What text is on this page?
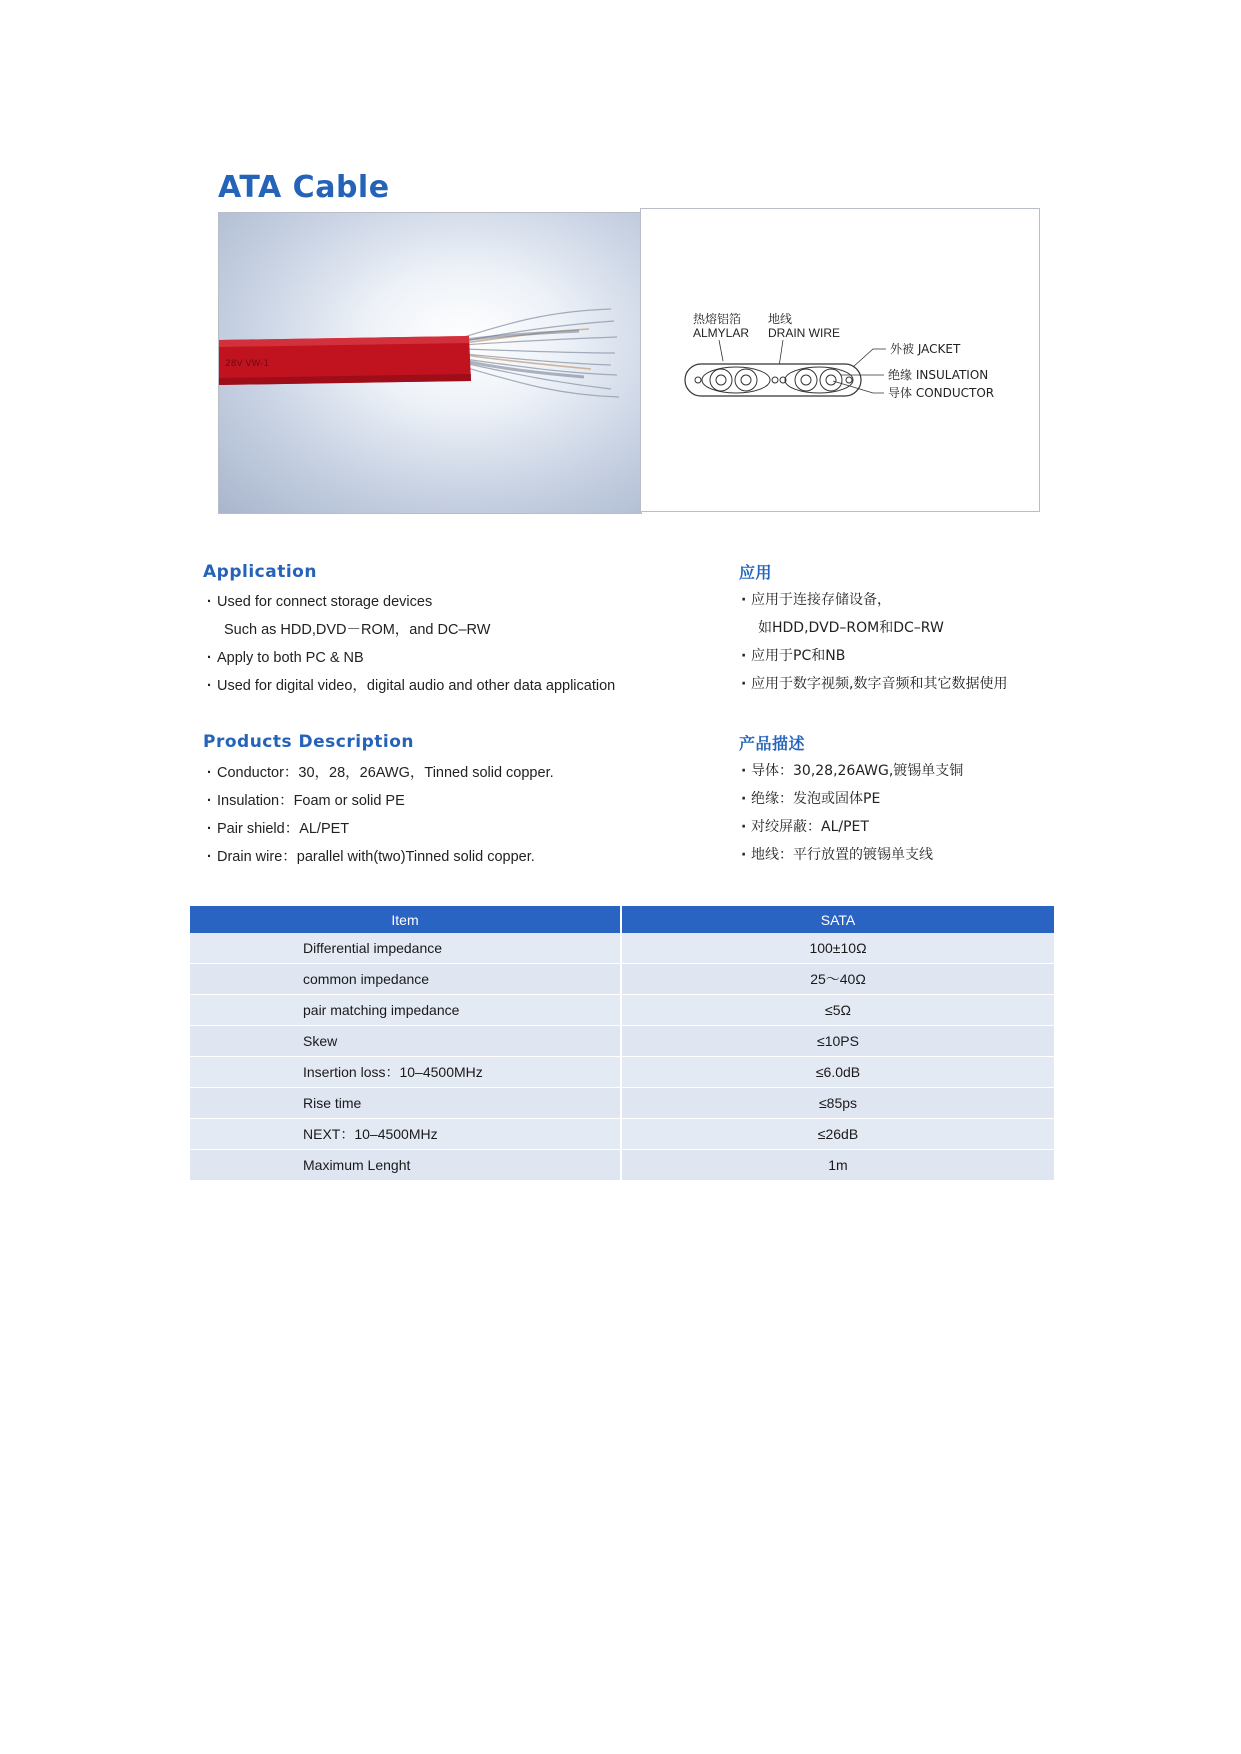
ATA Cable
28V VW-1
热熔铝箔
ALMYLAR
地线
DRAIN WIRE
外被 JACKET
绝缘 INSULATION
导体 CONDUCTOR
Application
· Used for connect storage devices
Such as HDD,DVD－ROM，and DC–RW
· Apply to both PC & NB
· Used for digital video，digital audio and other data application
应用
· 应用于连接存储设备，
如HDD,DVD–ROM和DC–RW
· 应用于PC和NB
· 应用于数字视频,数字音频和其它数据使用
Products Description
· Conductor：30，28，26AWG，Tinned solid copper.
· Insulation：Foam or solid PE
· Pair shield：AL/PET
· Drain wire：parallel with(two)Tinned solid copper.
产品描述
· 导体：30,28,26AWG,镀锡单支铜
· 绝缘：发泡或固体PE
· 对绞屏蔽：AL/PET
· 地线：平行放置的镀锡单支线
Item	SATA
Differential impedance	100±10Ω
common impedance	25～40Ω
pair matching impedance	≤5Ω
Skew	≤10PS
Insertion loss：10–4500MHz	≤6.0dB
Rise time	≤85ps
NEXT：10–4500MHz	≤26dB
Maximum Lenght	1m
